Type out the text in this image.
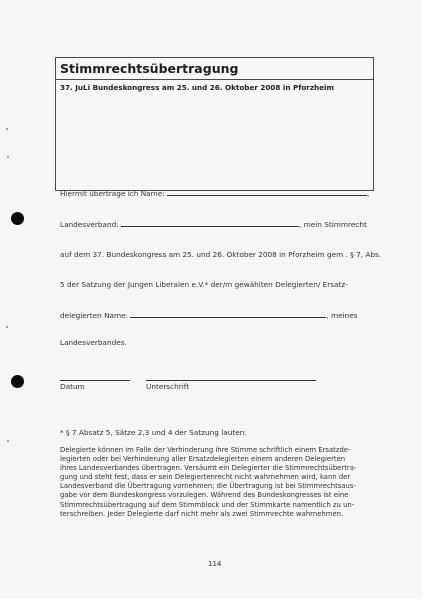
Stimmrechtsübertragung
37. JuLi Bundeskongress am 25. und 26. Oktober 2008 in Pforzheim
Hiermit übertrage ich Name:	,
Landesverband:	, mein Stimmrecht
auf dem 37. Bundeskongress am 25. und 26. Oktober 2008 in Pforzheim gem . § 7, Abs.
5 der Satzung der Jungen Liberalen e.V.* der/m gewählten Delegierten/ Ersatz-
delegierten Name:	, meines
Landesverbandes.
Datum	Unterschrift
* § 7 Absatz 5, Sätze 2,3 und 4 der Satzung lauten:
Delegierte können im Falle der Verhinderung ihre Stimme schriftlich einem Ersatzde-
legierten oder bei Verhinderung aller Ersatzdelegierten einem anderen Delegierten
ihres Landesverbandes übertragen. Versäumt ein Delegierter die Stimmrechtsübertra-
gung und steht fest, dass er sein Delegiertenrecht nicht wahrnehmen wird, kann der
Landesverband die Übertragung vornehmen; die Übertragung ist bei Stimmrechtsaus-
gabe vor dem Bundeskongress vorzulegen. Während des Bundeskongresses ist eine
Stimmrechtsübertragung auf dem Stimmblock und der Stimmkarte namentlich zu un-
terschreiben. Jeder Delegierte darf nicht mehr als zwei Stimmrechte wahrnehmen.
114
